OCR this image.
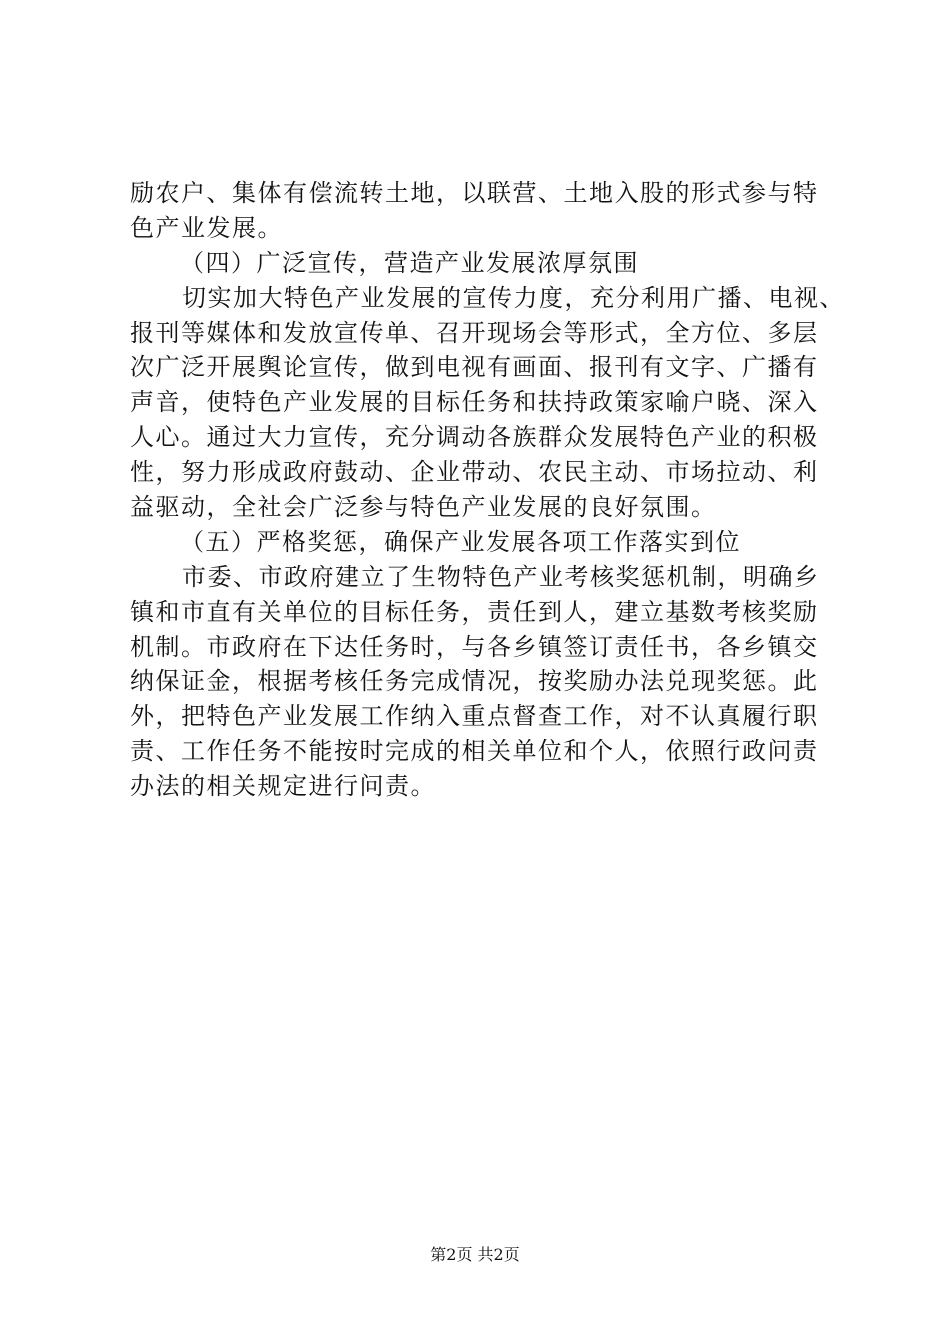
励农户、集体有偿流转土地，以联营、土地入股的形式参与特
色产业发展。
（四）广泛宣传，营造产业发展浓厚氛围
切实加大特色产业发展的宣传力度，充分利用广播、电视、
报刊等媒体和发放宣传单、召开现场会等形式，全方位、多层
次广泛开展舆论宣传，做到电视有画面、报刊有文字、广播有
声音，使特色产业发展的目标任务和扶持政策家喻户晓、深入
人心。通过大力宣传，充分调动各族群众发展特色产业的积极
性，努力形成政府鼓动、企业带动、农民主动、市场拉动、利
益驱动，全社会广泛参与特色产业发展的良好氛围。
（五）严格奖惩，确保产业发展各项工作落实到位
市委、市政府建立了生物特色产业考核奖惩机制，明确乡
镇和市直有关单位的目标任务，责任到人，建立基数考核奖励
机制。市政府在下达任务时，与各乡镇签订责任书，各乡镇交
纳保证金，根据考核任务完成情况，按奖励办法兑现奖惩。此
外，把特色产业发展工作纳入重点督查工作，对不认真履行职
责、工作任务不能按时完成的相关单位和个人，依照行政问责
办法的相关规定进行问责。
第2页 共2页
